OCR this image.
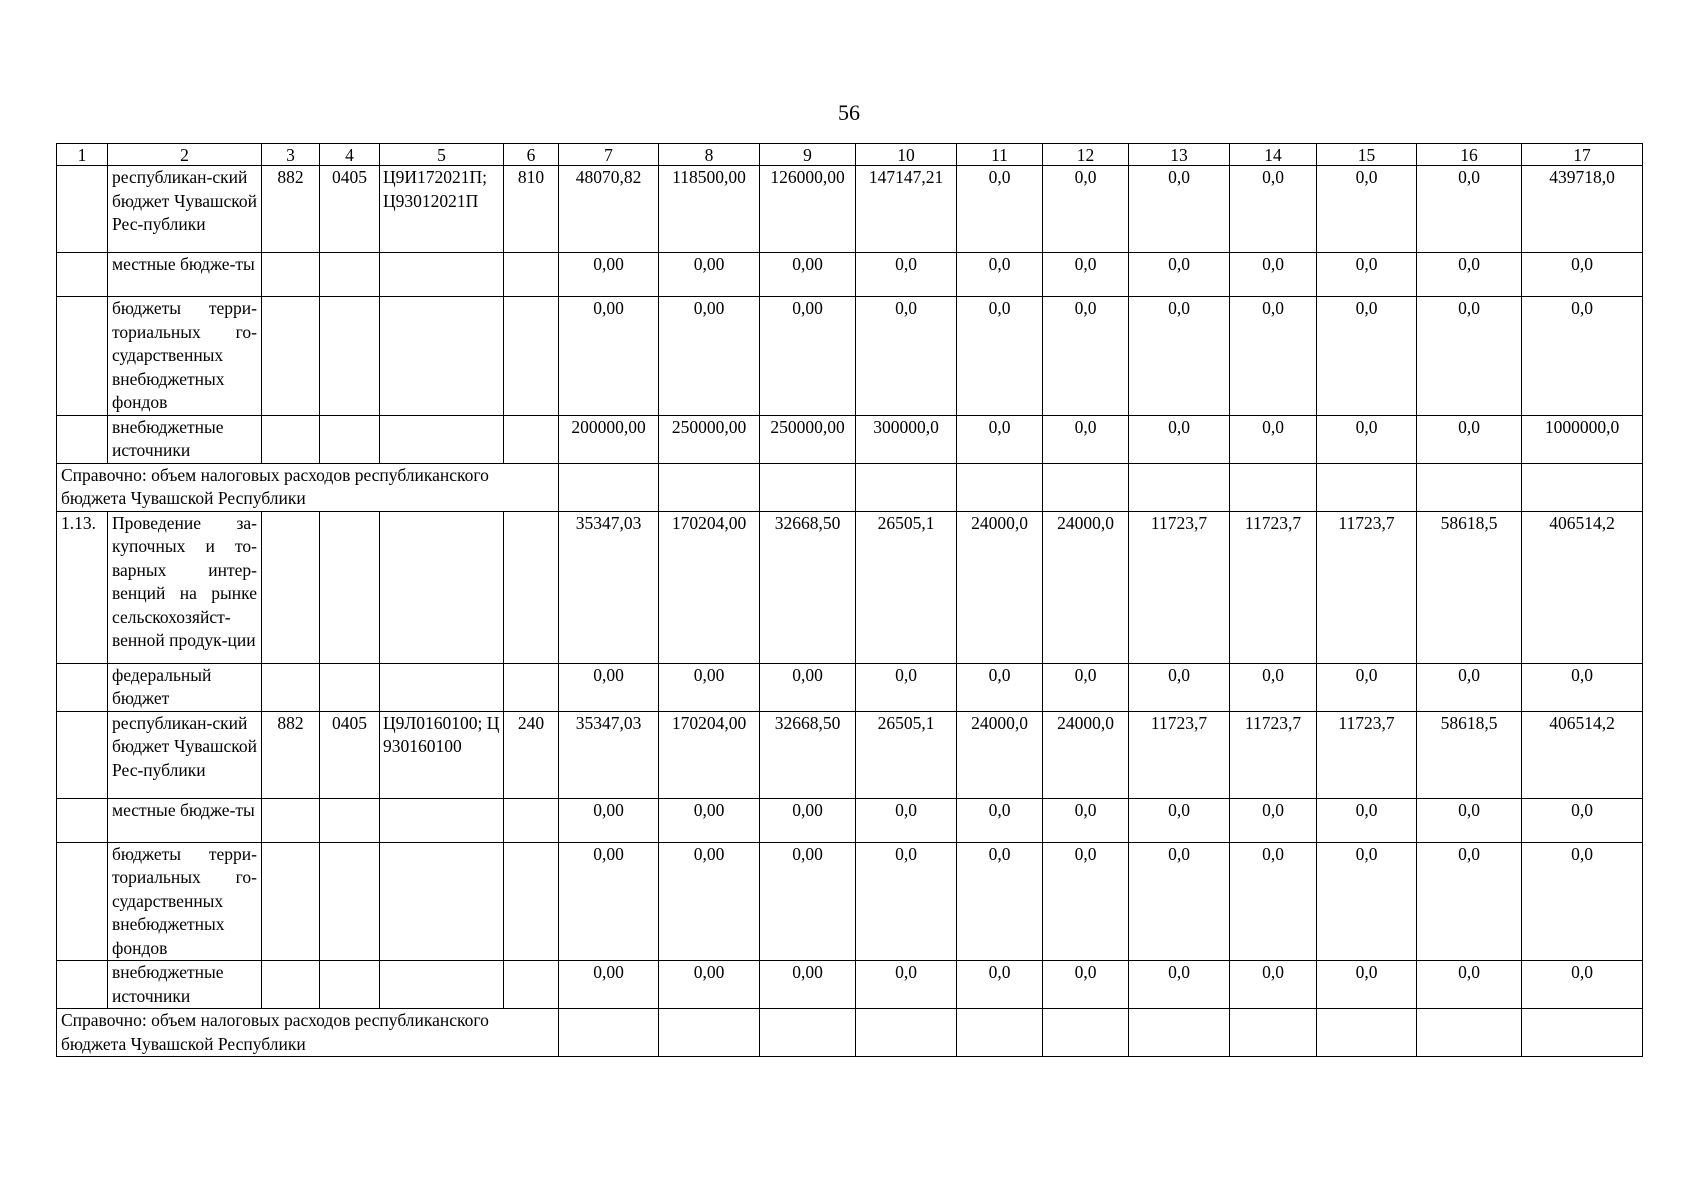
56
1	2	3	4	5	6	7	8	9	10	11	12	13	14	15	16	17
	республикан-ский бюджет Чувашской Рес-публики	882	0405	Ц9И172021П; Ц93012021П	810	48070,82	118500,00	126000,00	147147,21	0,0	0,0	0,0	0,0	0,0	0,0	439718,0
	местные бюдже-ты					0,00	0,00	0,00	0,0	0,0	0,0	0,0	0,0	0,0	0,0	0,0
	бюджеты терри-ториальных го-сударственных внебюджетных фондов					0,00	0,00	0,00	0,0	0,0	0,0	0,0	0,0	0,0	0,0	0,0
	внебюджетные источники					200000,00	250000,00	250000,00	300000,0	0,0	0,0	0,0	0,0	0,0	0,0	1000000,0
Справочно: объем налоговых расходов республиканского бюджета Чувашской Республики																
1.13.	Проведение за-купочных и то-варных интер-венций на рынке сельскохозяйст-венной продук-ции					35347,03	170204,00	32668,50	26505,1	24000,0	24000,0	11723,7	11723,7	11723,7	58618,5	406514,2
	федеральный бюджет					0,00	0,00	0,00	0,0	0,0	0,0	0,0	0,0	0,0	0,0	0,0
	республикан-ский бюджет Чувашской Рес-публики	882	0405	Ц9Л0160100; Ц930160100	240	35347,03	170204,00	32668,50	26505,1	24000,0	24000,0	11723,7	11723,7	11723,7	58618,5	406514,2
	местные бюдже-ты					0,00	0,00	0,00	0,0	0,0	0,0	0,0	0,0	0,0	0,0	0,0
	бюджеты терри-ториальных го-сударственных внебюджетных фондов					0,00	0,00	0,00	0,0	0,0	0,0	0,0	0,0	0,0	0,0	0,0
	внебюджетные источники					0,00	0,00	0,00	0,0	0,0	0,0	0,0	0,0	0,0	0,0	0,0
Справочно: объем налоговых расходов республиканского бюджета Чувашской Республики																
